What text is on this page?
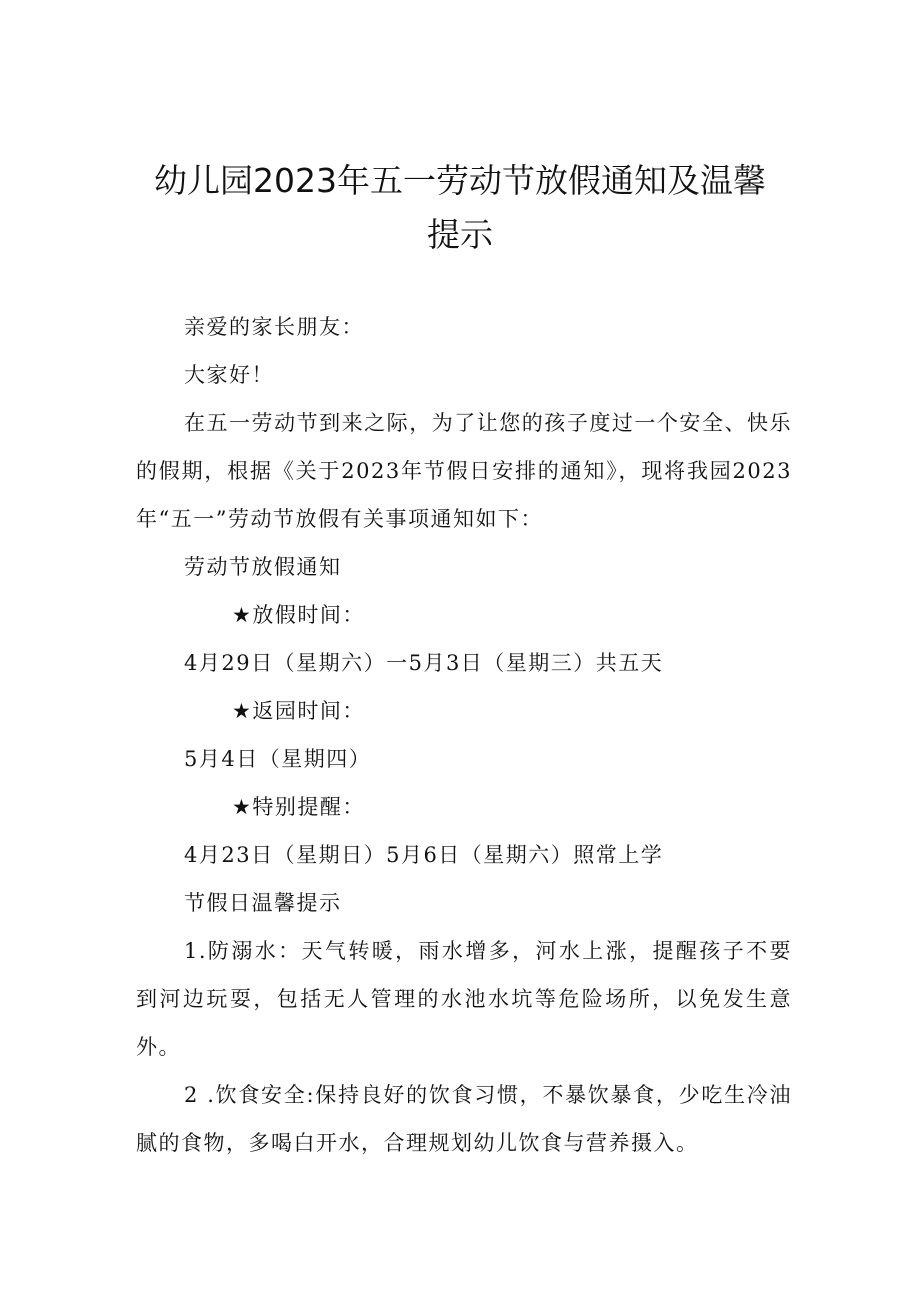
幼儿园2023年五一劳动节放假通知及温馨
提示

亲爱的家长朋友：

大家好！

在五一劳动节到来之际，为了让您的孩子度过一个安全、快乐的假期，根据《关于2023年节假日安排的通知》，现将我园2023年“五一”劳动节放假有关事项通知如下：

劳动节放假通知

★放假时间：

4月29日（星期六）一5月3日（星期三）共五天

★返园时间：

5月4日（星期四）

★特别提醒：

4月23日（星期日）5月6日（星期六）照常上学

节假日温馨提示

1.防溺水：天气转暖，雨水增多，河水上涨，提醒孩子不要到河边玩耍，包括无人管理的水池水坑等危险场所，以免发生意外。

2 .饮食安全:保持良好的饮食习惯，不暴饮暴食，少吃生冷油腻的食物，多喝白开水，合理规划幼儿饮食与营养摄入。
